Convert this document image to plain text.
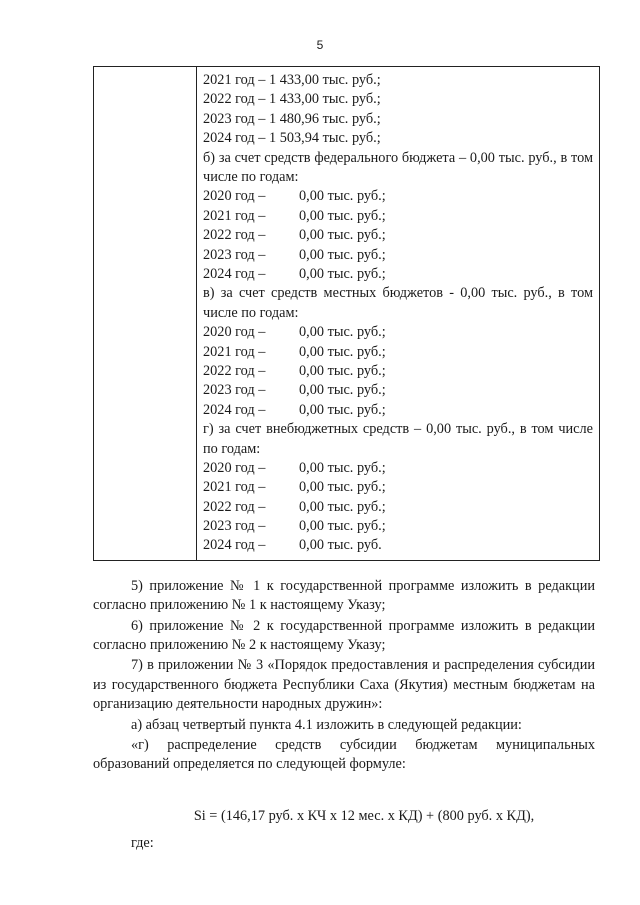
5
2021 год – 1 433,00 тыс. руб.;
2022 год – 1 433,00 тыс. руб.;
2023 год – 1 480,96 тыс. руб.;
2024 год – 1 503,94 тыс. руб.;
б) за счет средств федерального бюджета – 0,00 тыс. руб., в том числе по годам:
2020 год – 0,00 тыс. руб.;
2021 год – 0,00 тыс. руб.;
2022 год – 0,00 тыс. руб.;
2023 год – 0,00 тыс. руб.;
2024 год – 0,00 тыс. руб.;
в) за счет средств местных бюджетов - 0,00 тыс. руб., в том числе по годам:
2020 год – 0,00 тыс. руб.;
2021 год – 0,00 тыс. руб.;
2022 год – 0,00 тыс. руб.;
2023 год – 0,00 тыс. руб.;
2024 год – 0,00 тыс. руб.;
г) за счет внебюджетных средств – 0,00 тыс. руб., в том числе по годам:
2020 год – 0,00 тыс. руб.;
2021 год – 0,00 тыс. руб.;
2022 год – 0,00 тыс. руб.;
2023 год – 0,00 тыс. руб.;
2024 год – 0,00 тыс. руб.

5) приложение № 1 к государственной программе изложить в редакции согласно приложению № 1 к настоящему Указу;

6) приложение № 2 к государственной программе изложить в редакции согласно приложению № 2 к настоящему Указу;

7) в приложении № 3 «Порядок предоставления и распределения субсидии из государственного бюджета Республики Саха (Якутия) местным бюджетам на организацию деятельности народных дружин»:

а) абзац четвертый пункта 4.1 изложить в следующей редакции:

«г) распределение средств субсидии бюджетам муниципальных образований определяется по следующей формуле:

Si = (146,17 руб. х КЧ х 12 мес. х КД) + (800 руб. х КД),
где:
